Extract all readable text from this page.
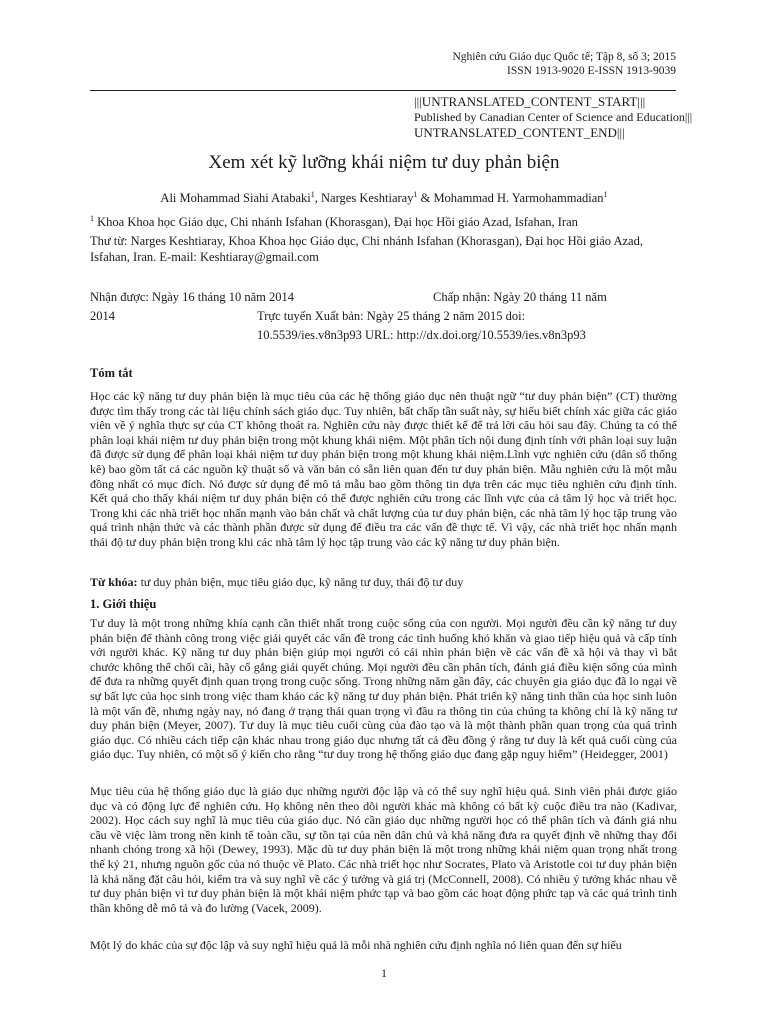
Nghiên cứu Giáo dục Quốc tế; Tập 8, số 3; 2015
ISSN 1913-9020 E-ISSN 1913-9039
|||UNTRANSLATED_CONTENT_START|||
Published by Canadian Center of Science and Education|||
UNTRANSLATED_CONTENT_END|||
Xem xét kỹ lưỡng khái niệm tư duy phản biện
Ali Mohammad Siahi Atabaki$^1$, Narges Keshtiaray$^1$ & Mohammad H. Yarmohammadian$^1$
$^1$ Khoa Khoa học Giáo dục, Chi nhánh Isfahan (Khorasgan), Đại học Hồi giáo Azad, Isfahan, Iran
Thư từ: Narges Keshtiaray, Khoa Khoa học Giáo dục, Chi nhánh Isfahan (Khorasgan), Đại học Hồi giáo Azad,
Isfahan, Iran. E-mail: Keshtiaray@gmail.com
Nhận được: Ngày 16 tháng 10 năm 2014	Chấp nhận: Ngày 20 tháng 11 năm
2014	Trực tuyến Xuất bản: Ngày 25 tháng 2 năm 2015 doi:
10.5539/ies.v8n3p93 URL: http://dx.doi.org/10.5539/ies.v8n3p93
Tóm tắt
Học các kỹ năng tư duy phản biện là mục tiêu của các hệ thống giáo dục nên thuật ngữ “tư duy phản biện” (CT) thường được tìm thấy trong các tài liệu chính sách giáo dục. Tuy nhiên, bất chấp tần suất này, sự hiểu biết chính xác giữa các giáo viên về ý nghĩa thực sự của CT không thoát ra. Nghiên cứu này được thiết kế để trả lời câu hỏi sau đây. Chúng ta có thể phân loại khái niệm tư duy phản biện trong một khung khái niệm. Một phân tích nội dung định tính với phân loại suy luận đã được sử dụng để phân loại khái niệm tư duy phản biện trong một khung khái niệm.Lĩnh vực nghiên cứu (dân số thống kê) bao gồm tất cả các nguồn kỹ thuật số và văn bản có sẵn liên quan đến tư duy phản biện. Mẫu nghiên cứu là một mẫu đồng nhất có mục đích. Nó được sử dụng để mô tả mẫu bao gồm thông tin dựa trên các mục tiêu nghiên cứu định tính. Kết quả cho thấy khái niệm tư duy phản biện có thể được nghiên cứu trong các lĩnh vực của cả tâm lý học và triết học. Trong khi các nhà triết học nhấn mạnh vào bản chất và chất lượng của tư duy phản biện, các nhà tâm lý học tập trung vào quá trình nhận thức và các thành phần được sử dụng để điều tra các vấn đề thực tế. Vì vậy, các nhà triết học nhấn mạnh thái độ tư duy phản biện trong khi các nhà tâm lý học tập trung vào các kỹ năng tư duy phản biện.
Từ khóa: tư duy phản biện, mục tiêu giáo dục, kỹ năng tư duy, thái độ tư duy
1. Giới thiệu
Tư duy là một trong những khía cạnh cần thiết nhất trong cuộc sống của con người. Mọi người đều cần kỹ năng tư duy phản biện để thành công trong việc giải quyết các vấn đề trong các tình huống khó khăn và giao tiếp hiệu quả và cấp tính với người khác. Kỹ năng tư duy phản biện giúp mọi người có cái nhìn phản biện về các vấn đề xã hội và thay vì bắt chước không thể chối cãi, hãy cố gắng giải quyết chúng. Mọi người đều cần phân tích, đánh giá điều kiện sống của mình để đưa ra những quyết định quan trọng trong cuộc sống. Trong những năm gần đây, các chuyên gia giáo dục đã lo ngại về sự bất lực của học sinh trong việc tham khảo các kỹ năng tư duy phản biện. Phát triển kỹ năng tinh thần của học sinh luôn là một vấn đề, nhưng ngày nay, nó đang ở trạng thái quan trọng vì đầu ra thông tin của chúng ta không chỉ là kỹ năng tư duy phản biện (Meyer, 2007). Tư duy là mục tiêu cuối cùng của đào tạo và là một thành phần quan trọng của quá trình giáo dục. Có nhiều cách tiếp cận khác nhau trong giáo dục nhưng tất cả đều đồng ý rằng tư duy là kết quả cuối cùng của giáo dục. Tuy nhiên, có một số ý kiến cho rằng “tư duy trong hệ thống giáo dục đang gặp nguy hiểm” (Heidegger, 2001)
Mục tiêu của hệ thống giáo dục là giáo dục những người độc lập và có thể suy nghĩ hiệu quả. Sinh viên phải được giáo dục và có động lực để nghiên cứu. Họ không nên theo dõi người khác mà không có bất kỳ cuộc điều tra nào (Kadivar, 2002). Học cách suy nghĩ là mục tiêu của giáo dục. Nó cần giáo dục những người học có thể phân tích và đánh giá nhu cầu về việc làm trong nền kinh tế toàn cầu, sự tồn tại của nền dân chủ và khả năng đưa ra quyết định về những thay đổi nhanh chóng trong xã hội (Dewey, 1993). Mặc dù tư duy phản biện là một trong những khái niệm quan trọng nhất trong thế kỷ 21, nhưng nguồn gốc của nó thuộc về Plato. Các nhà triết học như Socrates, Plato và Aristotle coi tư duy phản biện là khả năng đặt câu hỏi, kiểm tra và suy nghĩ về các ý tưởng và giá trị (McConnell, 2008). Có nhiều ý tưởng khác nhau về tư duy phản biện vì tư duy phản biện là một khái niệm phức tạp và bao gồm các hoạt động phức tạp và các quá trình tinh thần không dễ mô tả và đo lường (Vacek, 2009).
Một lý do khác của sự độc lập và suy nghĩ hiệu quả là mỗi nhà nghiên cứu định nghĩa nó liên quan đến sự hiểu
1
